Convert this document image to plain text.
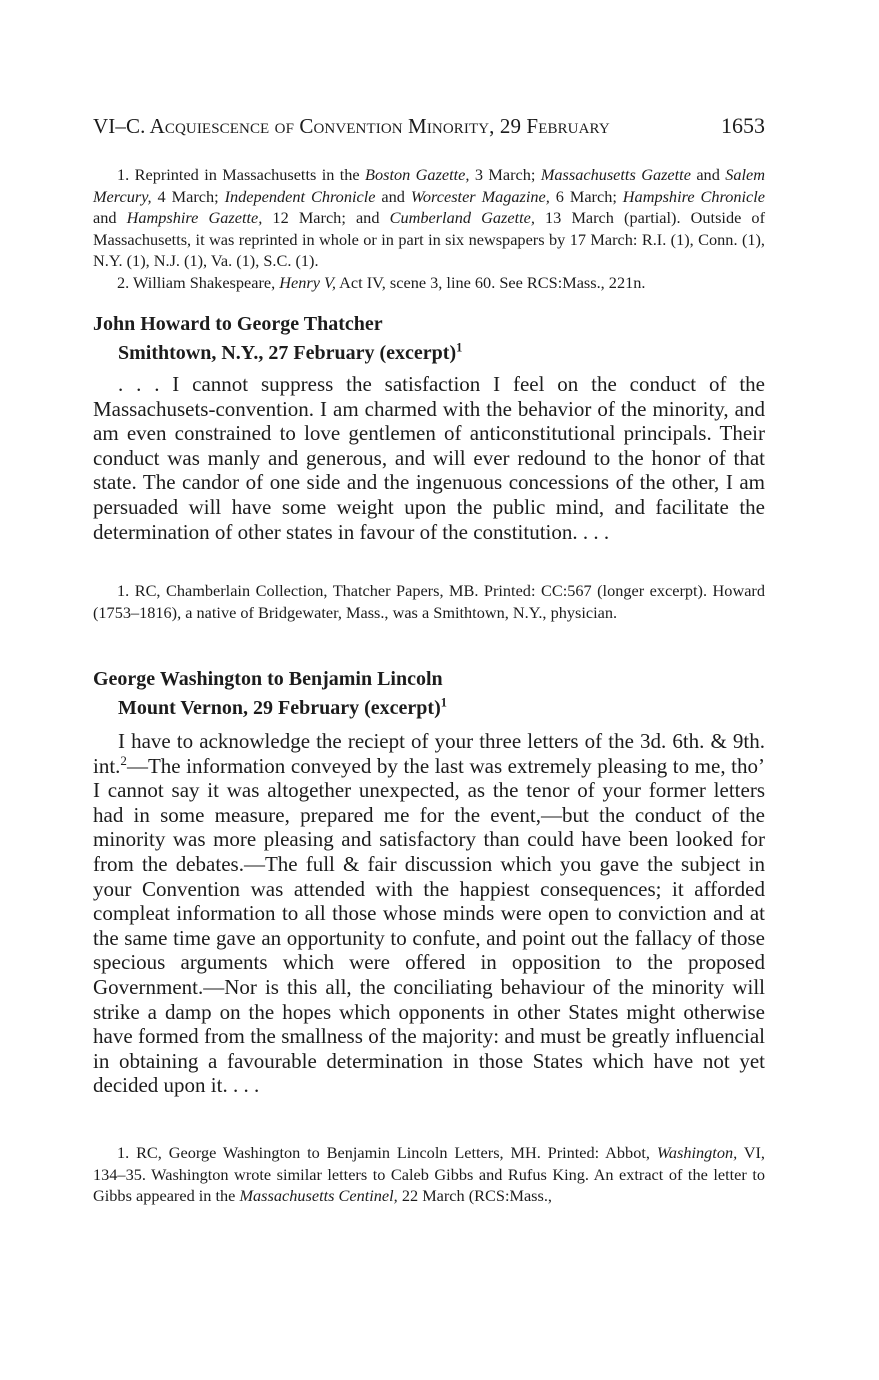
VI–C. Acquiescence of Convention Minority, 29 February	1653

1. Reprinted in Massachusetts in the Boston Gazette, 3 March; Massachusetts Gazette and Salem Mercury, 4 March; Independent Chronicle and Worcester Magazine, 6 March; Hampshire Chronicle and Hampshire Gazette, 12 March; and Cumberland Gazette, 13 March (partial). Outside of Massachusetts, it was reprinted in whole or in part in six newspapers by 17 March: R.I. (1), Conn. (1), N.Y. (1), N.J. (1), Va. (1), S.C. (1).

2. William Shakespeare, Henry V, Act IV, scene 3, line 60. See RCS:Mass., 221n.

John Howard to George Thatcher
Smithtown, N.Y., 27 February (excerpt)$^1$

. . . I cannot suppress the satisfaction I feel on the conduct of the Massachusets-convention. I am charmed with the behavior of the minority, and am even constrained to love gentlemen of anticonstitutional principals. Their conduct was manly and generous, and will ever redound to the honor of that state. The candor of one side and the ingenuous concessions of the other, I am persuaded will have some weight upon the public mind, and facilitate the determination of other states in favour of the constitution. . . .

1. RC, Chamberlain Collection, Thatcher Papers, MB. Printed: CC:567 (longer excerpt). Howard (1753–1816), a native of Bridgewater, Mass., was a Smithtown, N.Y., physician.

George Washington to Benjamin Lincoln
Mount Vernon, 29 February (excerpt)$^1$

I have to acknowledge the reciept of your three letters of the 3d. 6th. & 9th. int.$^2$—The information conveyed by the last was extremely pleasing to me, tho’ I cannot say it was altogether unexpected, as the tenor of your former letters had in some measure, prepared me for the event,—but the conduct of the minority was more pleasing and satisfactory than could have been looked for from the debates.—The full & fair discussion which you gave the subject in your Convention was attended with the happiest consequences; it afforded compleat information to all those whose minds were open to conviction and at the same time gave an opportunity to confute, and point out the fallacy of those specious arguments which were offered in opposition to the proposed Government.—Nor is this all, the conciliating behaviour of the minority will strike a damp on the hopes which opponents in other States might otherwise have formed from the smallness of the majority: and must be greatly influencial in obtaining a favourable determination in those States which have not yet decided upon it. . . .

1. RC, George Washington to Benjamin Lincoln Letters, MH. Printed: Abbot, Washington, VI, 134–35. Washington wrote similar letters to Caleb Gibbs and Rufus King. An extract of the letter to Gibbs appeared in the Massachusetts Centinel, 22 March (RCS:Mass.,
